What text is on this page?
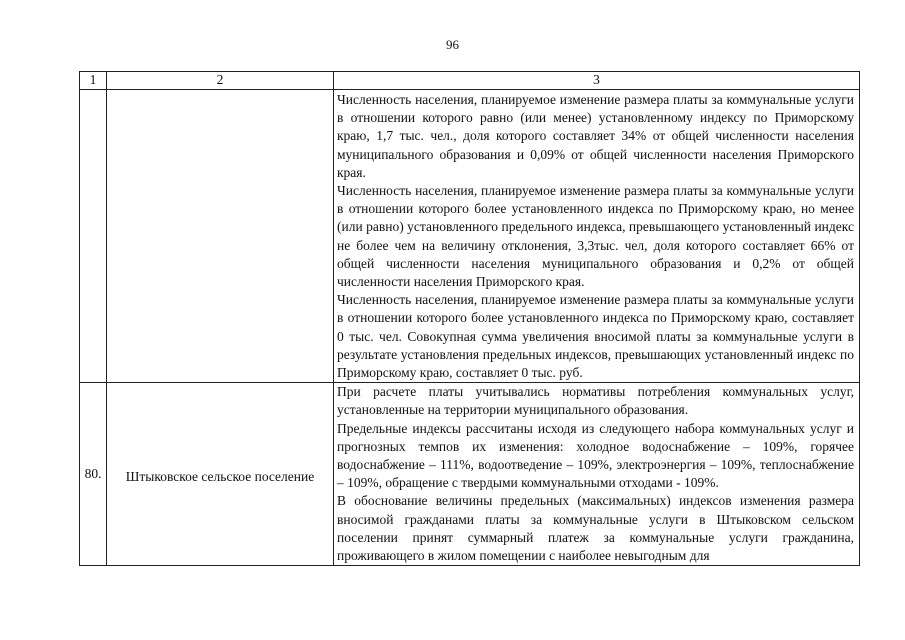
96
1	2	3

		Численность населения, планируемое изменение размера платы за коммунальные услуги в отношении которого равно (или менее) установленному индексу по Приморскому краю, 1,7 тыс. чел., доля которого составляет 34% от общей численности населения муниципального образования и 0,09% от общей численности населения Приморского края.

Численность населения, планируемое изменение размера платы за коммунальные услуги в отношении которого более установленного индекса по Приморскому краю, но менее (или равно) установленного предельного индекса, превышающего установленный индекс не более чем на величину отклонения, 3,3тыс. чел, доля которого составляет 66% от общей численности населения муниципального образования и 0,2% от общей численности населения Приморского края.

Численность населения, планируемое изменение размера платы за коммунальные услуги в отношении которого более установленного индекса по Приморскому краю, составляет 0 тыс. чел. Совокупная сумма увеличения вносимой платы за коммунальные услуги в результате установления предельных индексов, превышающих установленный индекс по Приморскому краю, составляет 0 тыс. руб.

80.	Штыковское сельское поселение	При расчете платы учитывались нормативы потребления коммунальных услуг, установленные на территории муниципального образования.

Предельные индексы рассчитаны исходя из следующего набора коммунальных услуг и прогнозных темпов их изменения: холодное водоснабжение – 109%, горячее водоснабжение – 111%, водоотведение – 109%, электроэнергия – 109%, теплоснабжение – 109%, обращение с твердыми коммунальными отходами - 109%.

В обоснование величины предельных (максимальных) индексов изменения размера вносимой гражданами платы за коммунальные услуги в Штыковском сельском поселении принят суммарный платеж за коммунальные услуги гражданина, проживающего в жилом помещении с наиболее невыгодным для
